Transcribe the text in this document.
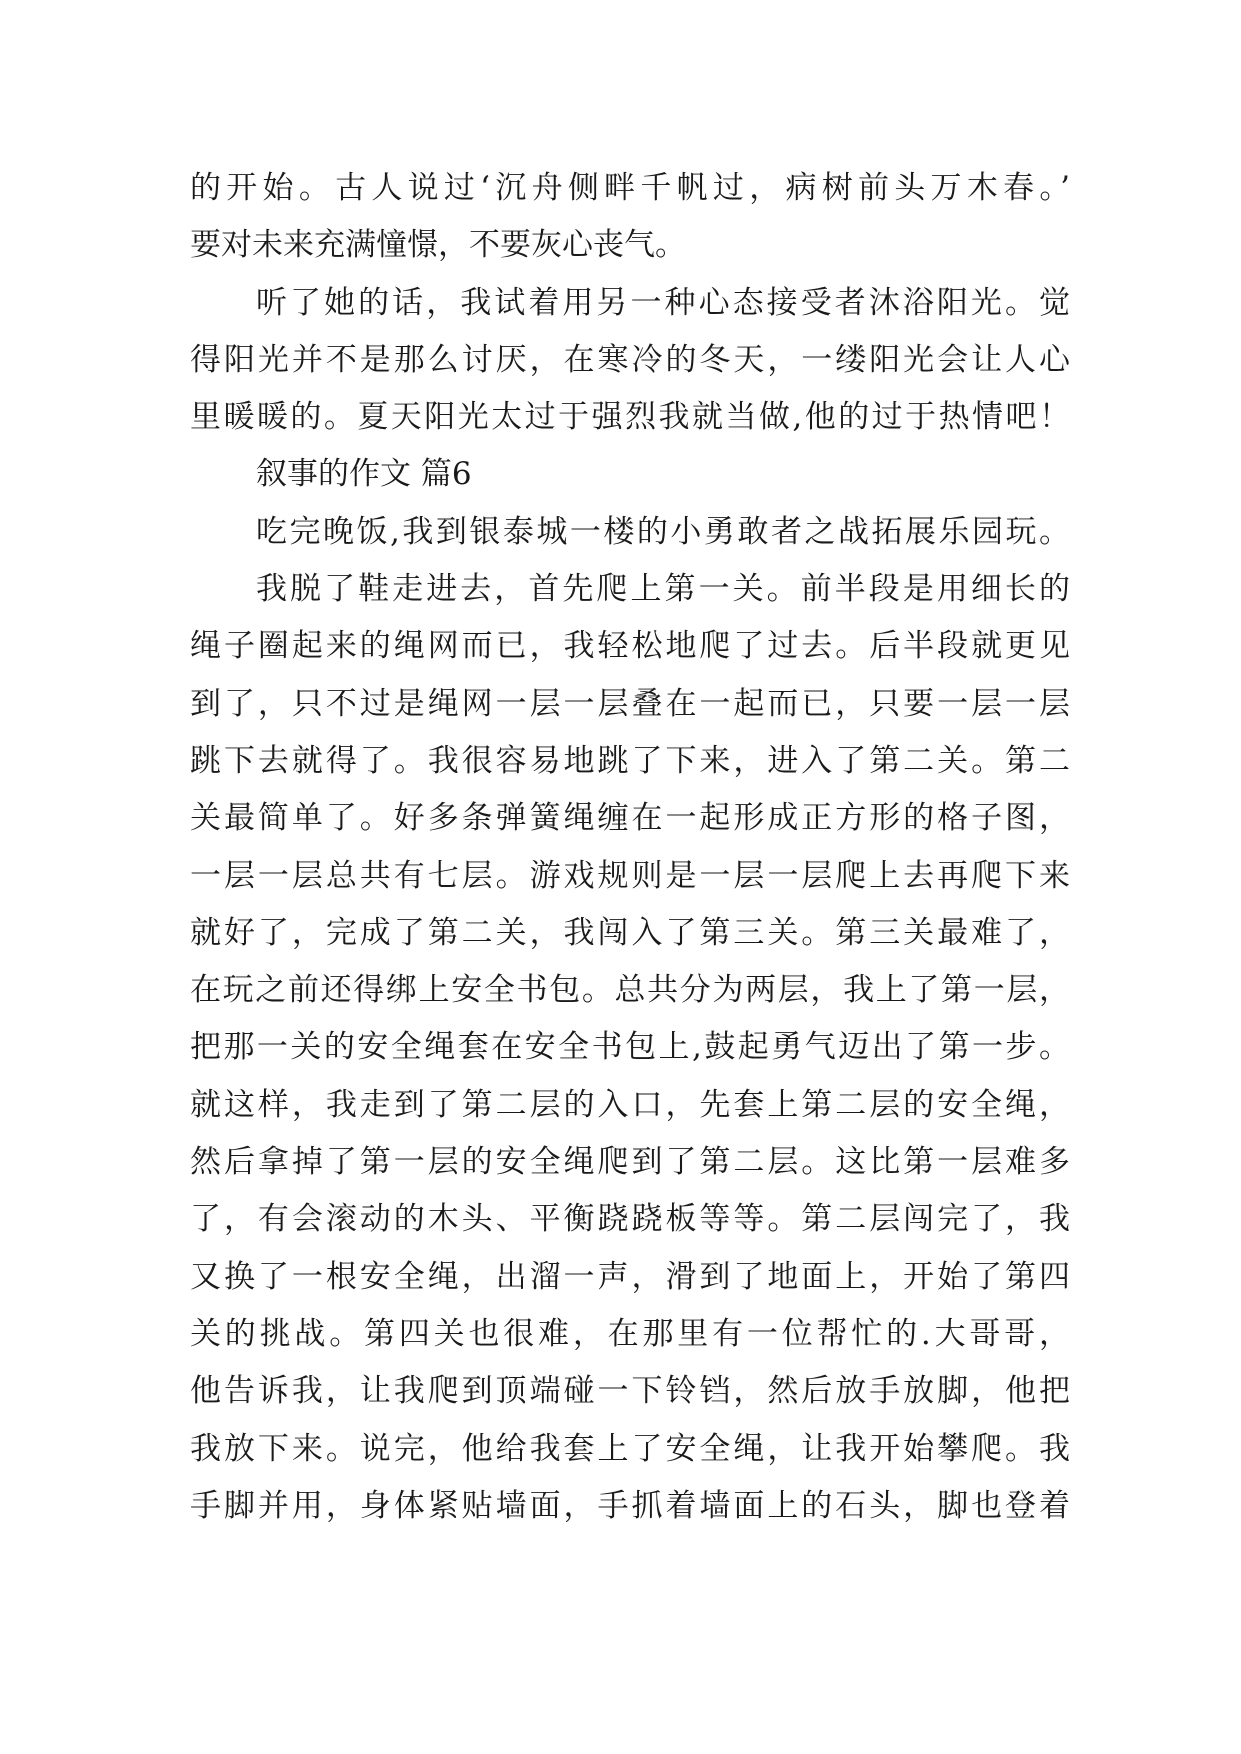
的开始。古人说过‘沉舟侧畔千帆过，病树前头万木春。’
要对未来充满憧憬，不要灰心丧气。
听了她的话，我试着用另一种心态接受者沐浴阳光。觉
得阳光并不是那么讨厌，在寒冷的冬天，一缕阳光会让人心
里暖暖的。夏天阳光太过于强烈我就当做,他的过于热情吧！
叙事的作文 篇6
吃完晚饭,我到银泰城一楼的小勇敢者之战拓展乐园玩。
我脱了鞋走进去，首先爬上第一关。前半段是用细长的
绳子圈起来的绳网而已，我轻松地爬了过去。后半段就更见
到了，只不过是绳网一层一层叠在一起而已，只要一层一层
跳下去就得了。我很容易地跳了下来，进入了第二关。第二
关最简单了。好多条弹簧绳缠在一起形成正方形的格子图，
一层一层总共有七层。游戏规则是一层一层爬上去再爬下来
就好了，完成了第二关，我闯入了第三关。第三关最难了，
在玩之前还得绑上安全书包。总共分为两层，我上了第一层，
把那一关的安全绳套在安全书包上,鼓起勇气迈出了第一步。
就这样，我走到了第二层的入口，先套上第二层的安全绳，
然后拿掉了第一层的安全绳爬到了第二层。这比第一层难多
了，有会滚动的木头、平衡跷跷板等等。第二层闯完了，我
又换了一根安全绳，出溜一声，滑到了地面上，开始了第四
关的挑战。第四关也很难，在那里有一位帮忙的.大哥哥，
他告诉我，让我爬到顶端碰一下铃铛，然后放手放脚，他把
我放下来。说完，他给我套上了安全绳，让我开始攀爬。我
手脚并用，身体紧贴墙面，手抓着墙面上的石头，脚也登着
